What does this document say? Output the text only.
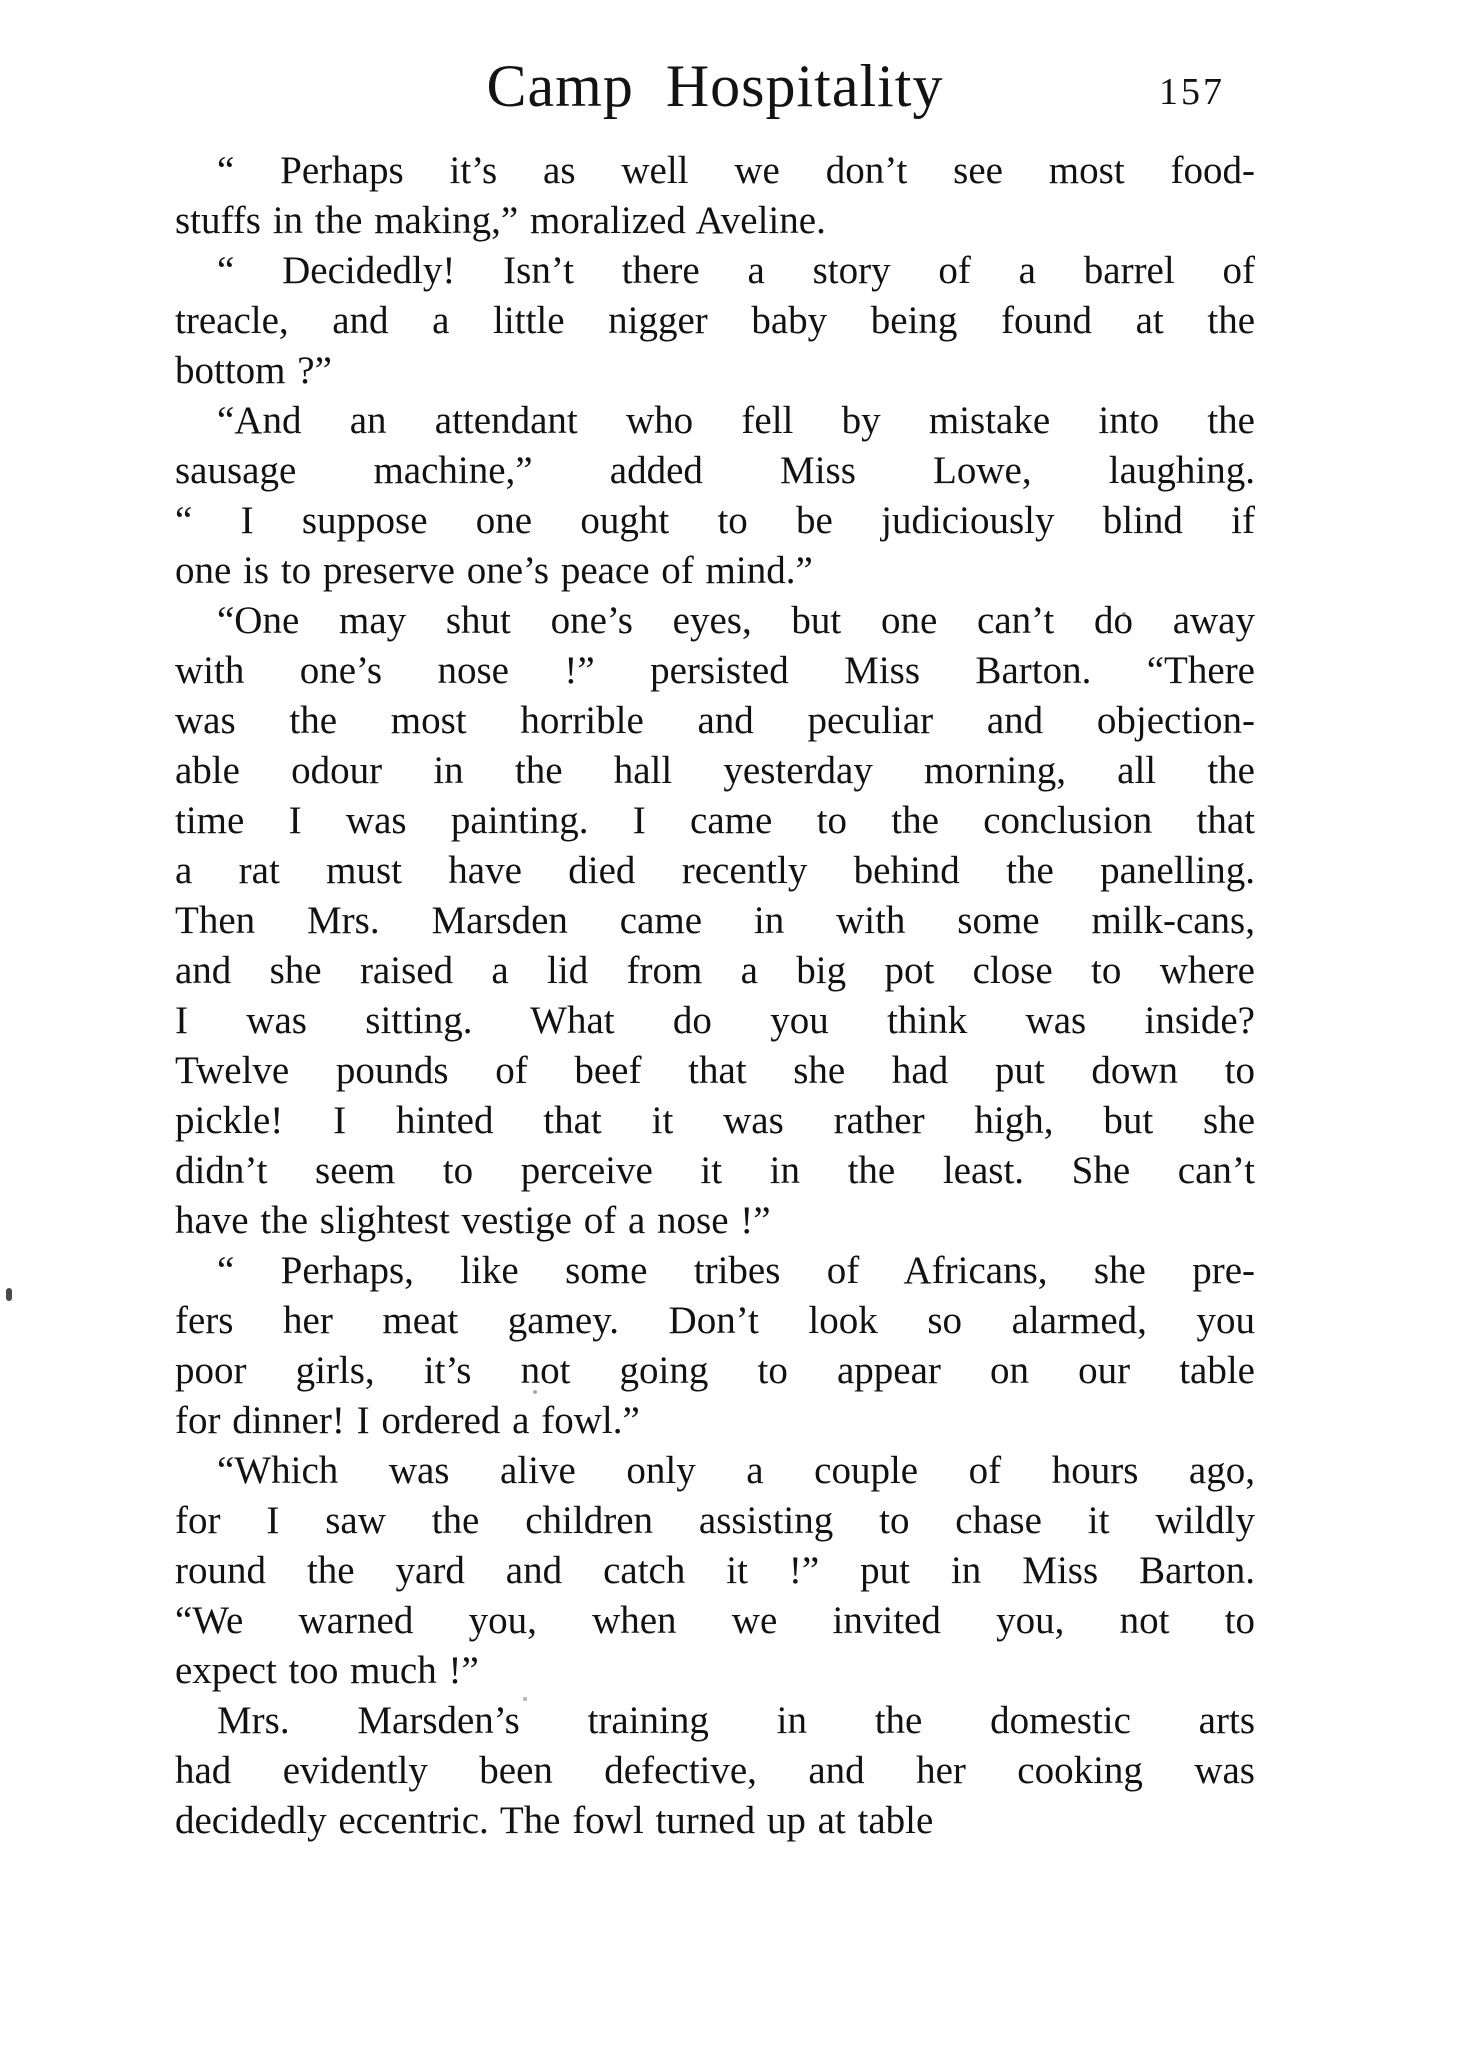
Camp Hospitality	157
“ Perhaps it’s as well we don’t see most food-
stuffs in the making,” moralized Aveline.
“ Decidedly! Isn’t there a story of a barrel of
treacle, and a little nigger baby being found at the
bottom ?”
“And an attendant who fell by mistake into the
sausage machine,” added Miss Lowe, laughing.
“ I suppose one ought to be judiciously blind if
one is to preserve one’s peace of mind.”
“One may shut one’s eyes, but one can’t do away
with one’s nose !” persisted Miss Barton. “There
was the most horrible and peculiar and objection-
able odour in the hall yesterday morning, all the
time I was painting. I came to the conclusion that
a rat must have died recently behind the panelling.
Then Mrs. Marsden came in with some milk-cans,
and she raised a lid from a big pot close to where
I was sitting. What do you think was inside?
Twelve pounds of beef that she had put down to
pickle! I hinted that it was rather high, but she
didn’t seem to perceive it in the least. She can’t
have the slightest vestige of a nose !”
“ Perhaps, like some tribes of Africans, she pre-
fers her meat gamey. Don’t look so alarmed, you
poor girls, it’s not going to appear on our table
for dinner! I ordered a fowl.”
“Which was alive only a couple of hours ago,
for I saw the children assisting to chase it wildly
round the yard and catch it !” put in Miss Barton.
“We warned you, when we invited you, not to
expect too much !”
Mrs. Marsden’s training in the domestic arts
had evidently been defective, and her cooking was
decidedly eccentric. The fowl turned up at table
